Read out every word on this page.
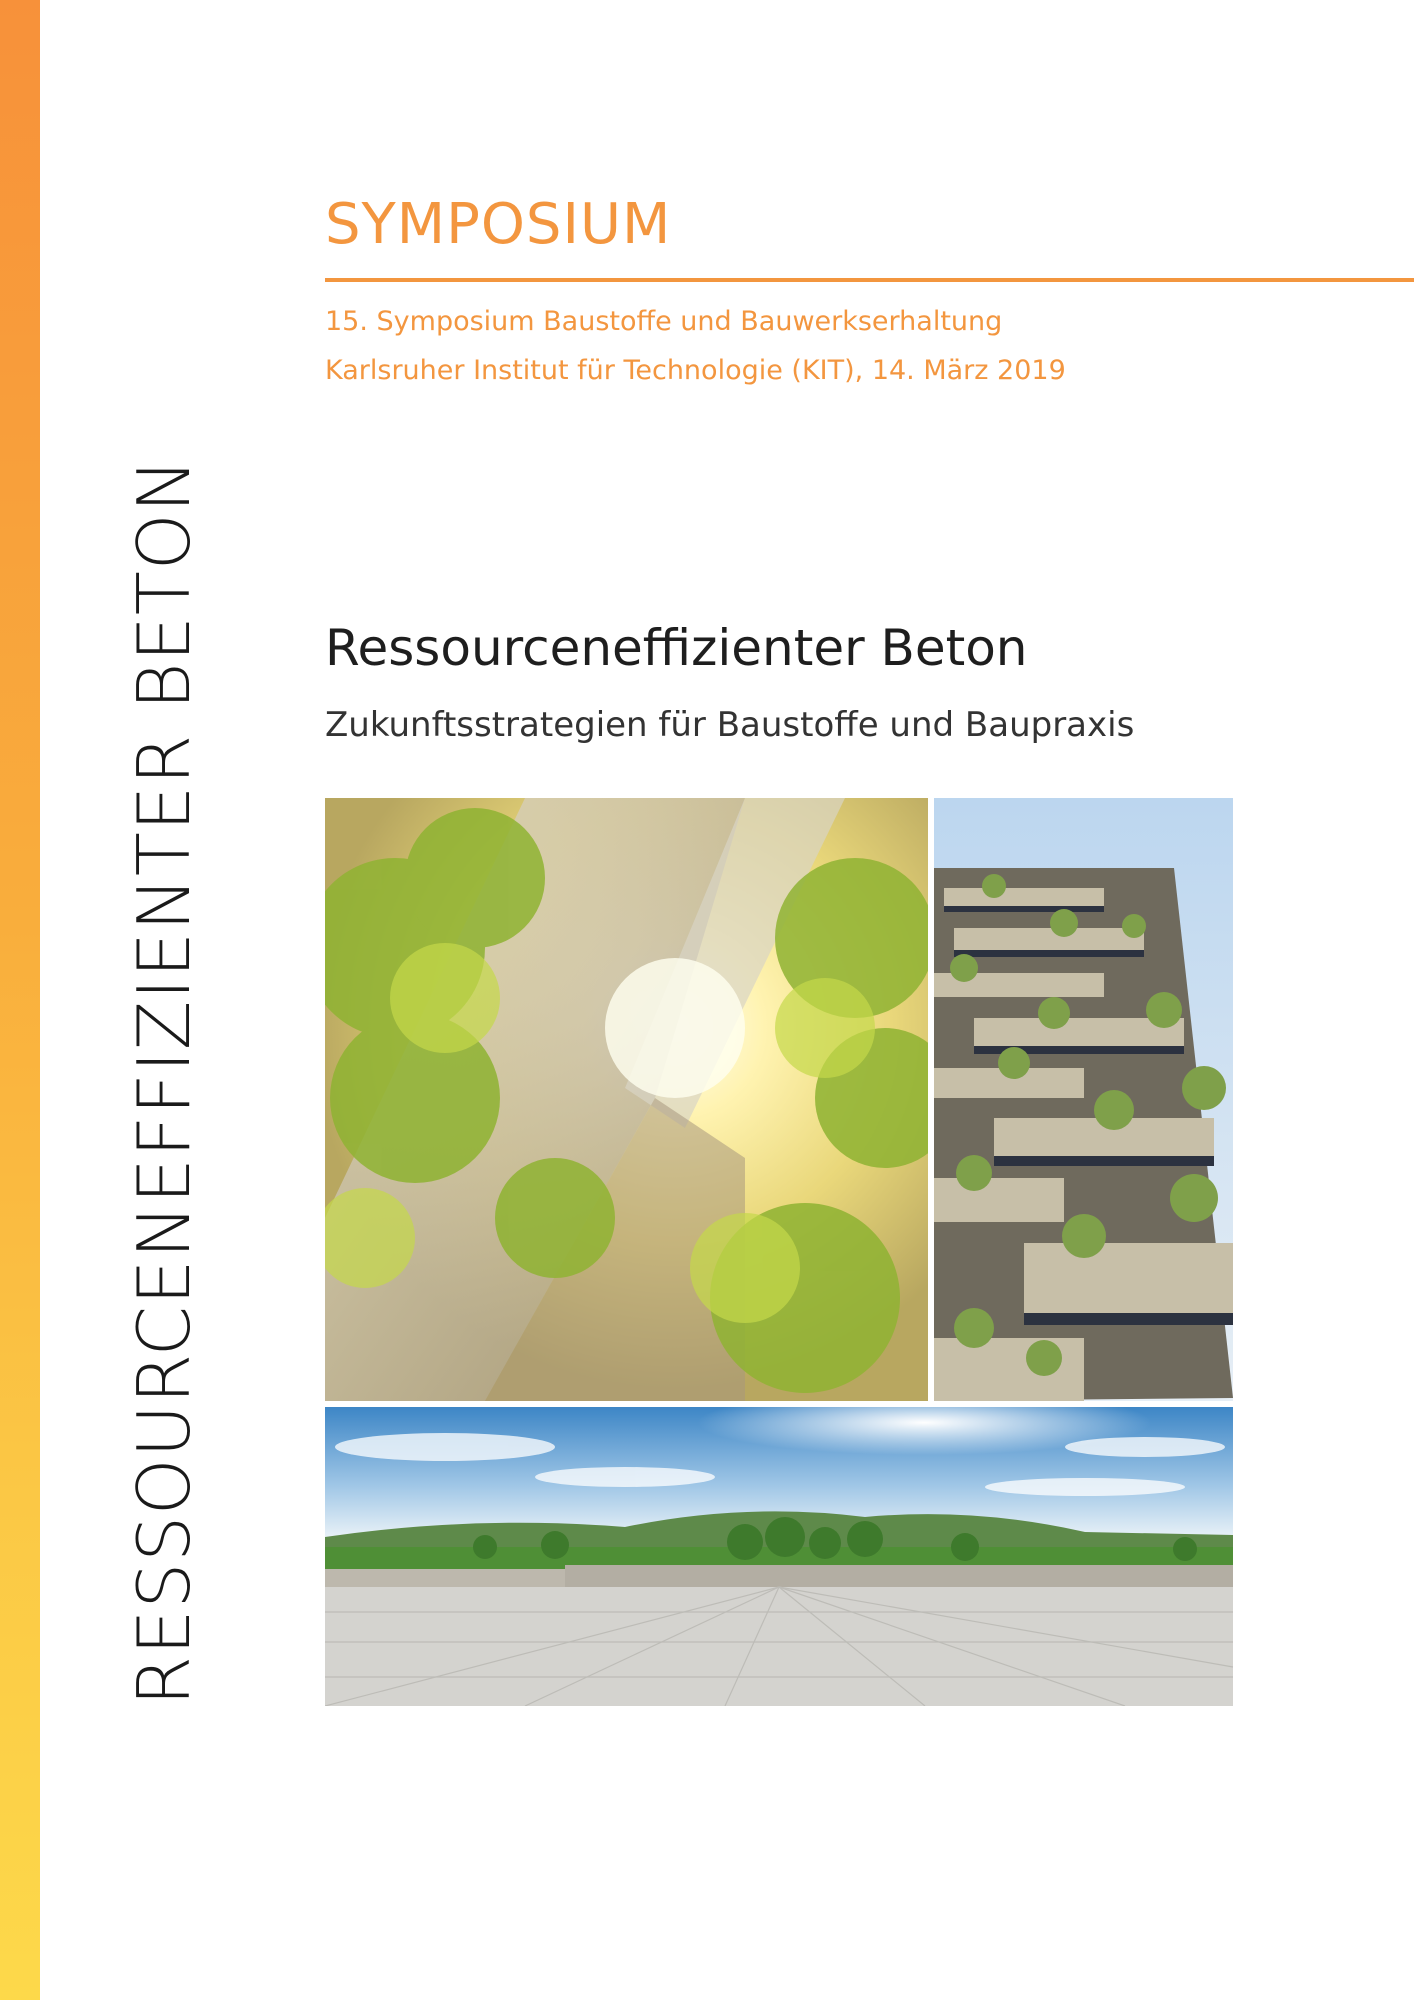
RESSOURCENEFFIZIENTER BETON
SYMPOSIUM
15. Symposium Baustoffe und Bauwerkserhaltung
Karlsruher Institut für Technologie (KIT), 14. März 2019
Ressourceneffizienter Beton
Zukunftsstrategien für Baustoffe und Baupraxis
